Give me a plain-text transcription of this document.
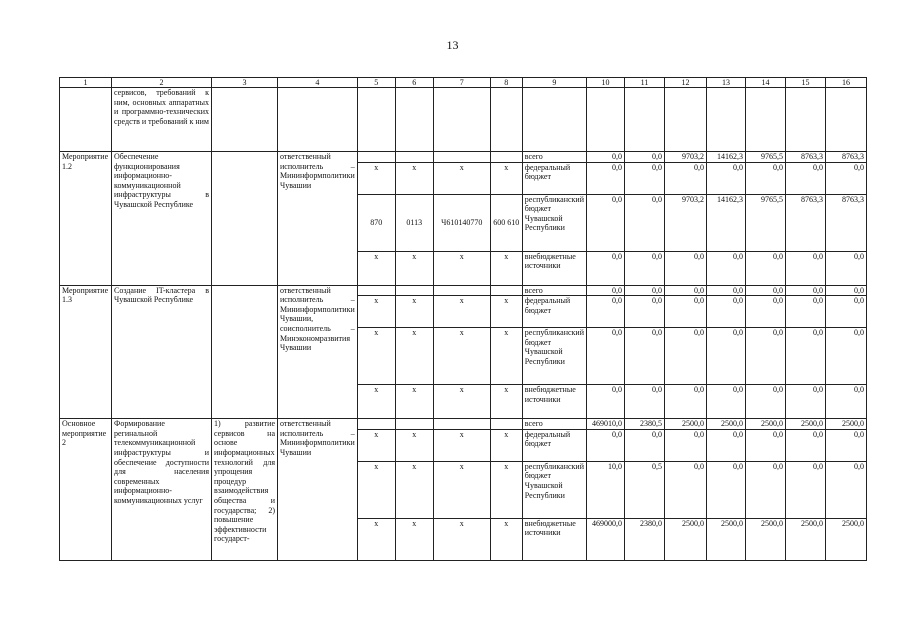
13
1	2	3	4	5	6	7	8	9	10	11	12	13	14	15	16
	сервисов, требований к ним, основных аппаратных и программно-технических средств и требований к ним														
Мероприятие 1.2	Обеспечение функционирования информационно-коммуникационной инфраструктуры в Чувашской Республике		ответственный исполнитель – Мининформполитики Чувашии					всего	0,0	0,0	9703,2	14162,3	9765,5	8763,3	8763,3
				х	х	х	х	федеральный бюджет	0,0	0,0	0,0	0,0	0,0	0,0	0,0
				870	0113	Ч610140770	600 610	республиканский бюджет Чувашской Республики	0,0	0,0	9703,2	14162,3	9765,5	8763,3	8763,3
				х	х	х	х	внебюджетные источники	0,0	0,0	0,0	0,0	0,0	0,0	0,0
Мероприятие 1.3	Создание IT-кластера в Чувашской Республике		ответственный исполнитель – Мининформполитики Чувашии, соисполнитель – Минэкономразвития Чувашии					всего	0,0	0,0	0,0	0,0	0,0	0,0	0,0
				х	х	х	х	федеральный бюджет	0,0	0,0	0,0	0,0	0,0	0,0	0,0
				х	х	х	х	республиканский бюджет Чувашской Республики	0,0	0,0	0,0	0,0	0,0	0,0	0,0
				х	х	х	х	внебюджетные источники	0,0	0,0	0,0	0,0	0,0	0,0	0,0
Основное мероприятие 2	Формирование регинальной телекоммуникационной инфраструктуры и обеспечение доступности для населения современных информационно-коммуникационных услуг	1) развитие сервисов на основе информационных технологий для упрощения процедур взаимодействия общества и государства; 2) повышение эффективности государст-	ответственный исполнитель – Мининформполитики Чувашии					всего	469010,0	2380,5	2500,0	2500,0	2500,0	2500,0	2500,0
				х	х	х	х	федеральный бюджет	0,0	0,0	0,0	0,0	0,0	0,0	0,0
				х	х	х	х	республиканский бюджет Чувашской Республики	10,0	0,5	0,0	0,0	0,0	0,0	0,0
				х	х	х	х	внебюджетные источники	469000,0	2380,0	2500,0	2500,0	2500,0	2500,0	2500,0
